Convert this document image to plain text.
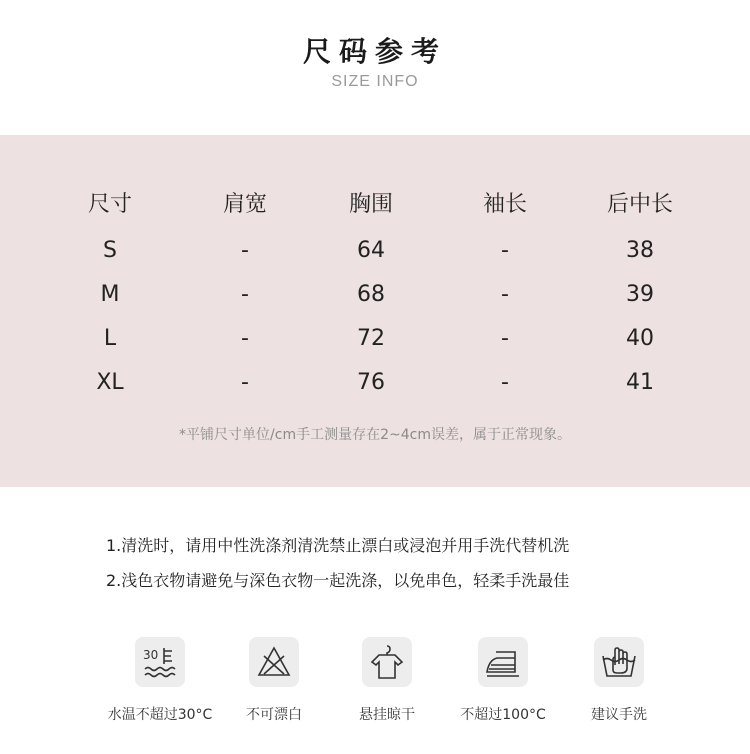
尺码参考
SIZE INFO
尺寸	肩宽	胸围	袖长	后中长
S	-	64	-	38
M	-	68	-	39
L	-	72	-	40
XL	-	76	-	41
*平铺尺寸单位/cm手工测量存在2~4cm误差，属于正常现象。
1.清洗时，请用中性洗涤剂清洗禁止漂白或浸泡并用手洗代替机洗
2.浅色衣物请避免与深色衣物一起洗涤，以免串色，轻柔手洗最佳
30
水温不超过30°C	不可漂白	悬挂晾干	不超过100°C	建议手洗
